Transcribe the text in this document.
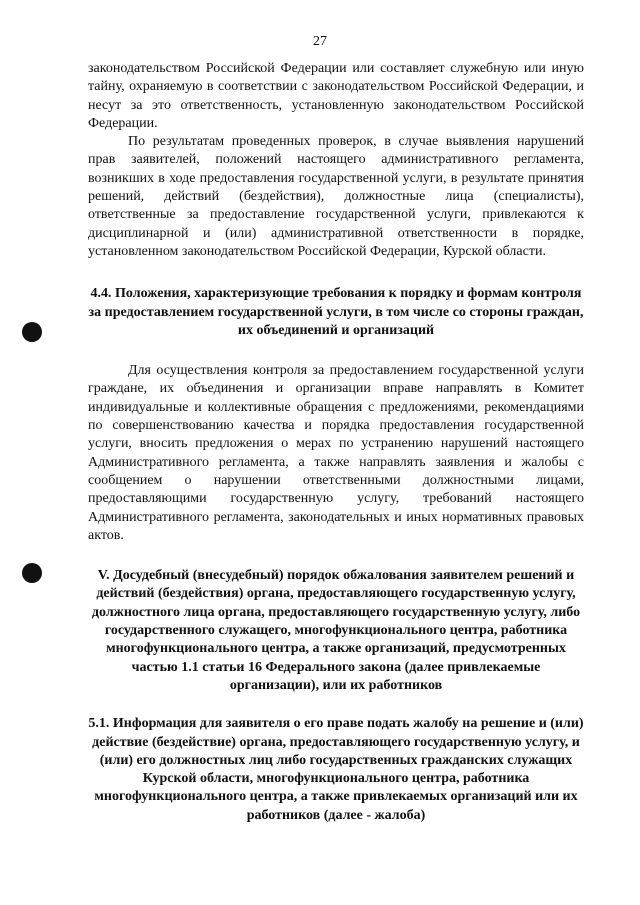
27

законодательством Российской Федерации или составляет служебную или иную тайну, охраняемую в соответствии с законодательством Российской Федерации, и несут за это ответственность, установленную законодательством Российской Федерации.

По результатам проведенных проверок, в случае выявления нарушений прав заявителей, положений настоящего административного регламента, возникших в ходе предоставления государственной услуги, в результате принятия решений, действий (бездействия), должностные лица (специалисты), ответственные за предоставление государственной услуги, привлекаются к дисциплинарной и (или) административной ответственности в порядке, установленном законодательством Российской Федерации, Курской области.

4.4. Положения, характеризующие требования к порядку и формам контроля за предоставлением государственной услуги, в том числе со стороны граждан, их объединений и организаций

Для осуществления контроля за предоставлением государственной услуги граждане, их объединения и организации вправе направлять в Комитет индивидуальные и коллективные обращения с предложениями, рекомендациями по совершенствованию качества и порядка предоставления государственной услуги, вносить предложения о мерах по устранению нарушений настоящего Административного регламента, а также направлять заявления и жалобы с сообщением о нарушении ответственными должностными лицами, предоставляющими государственную услугу, требований настоящего Административного регламента, законодательных и иных нормативных правовых актов.

V. Досудебный (внесудебный) порядок обжалования заявителем решений и действий (бездействия) органа, предоставляющего государственную услугу, должностного лица органа, предоставляющего государственную услугу, либо государственного служащего, многофункционального центра, работника многофункционального центра, а также организаций, предусмотренных частью 1.1 статьи 16 Федерального закона (далее привлекаемые организации), или их работников
5.1. Информация для заявителя о его праве подать жалобу на решение и (или) действие (бездействие) органа, предоставляющего государственную услугу, и (или) его должностных лиц либо государственных гражданских служащих Курской области, многофункционального центра, работника многофункционального центра, а также привлекаемых организаций или их работников (далее - жалоба)
